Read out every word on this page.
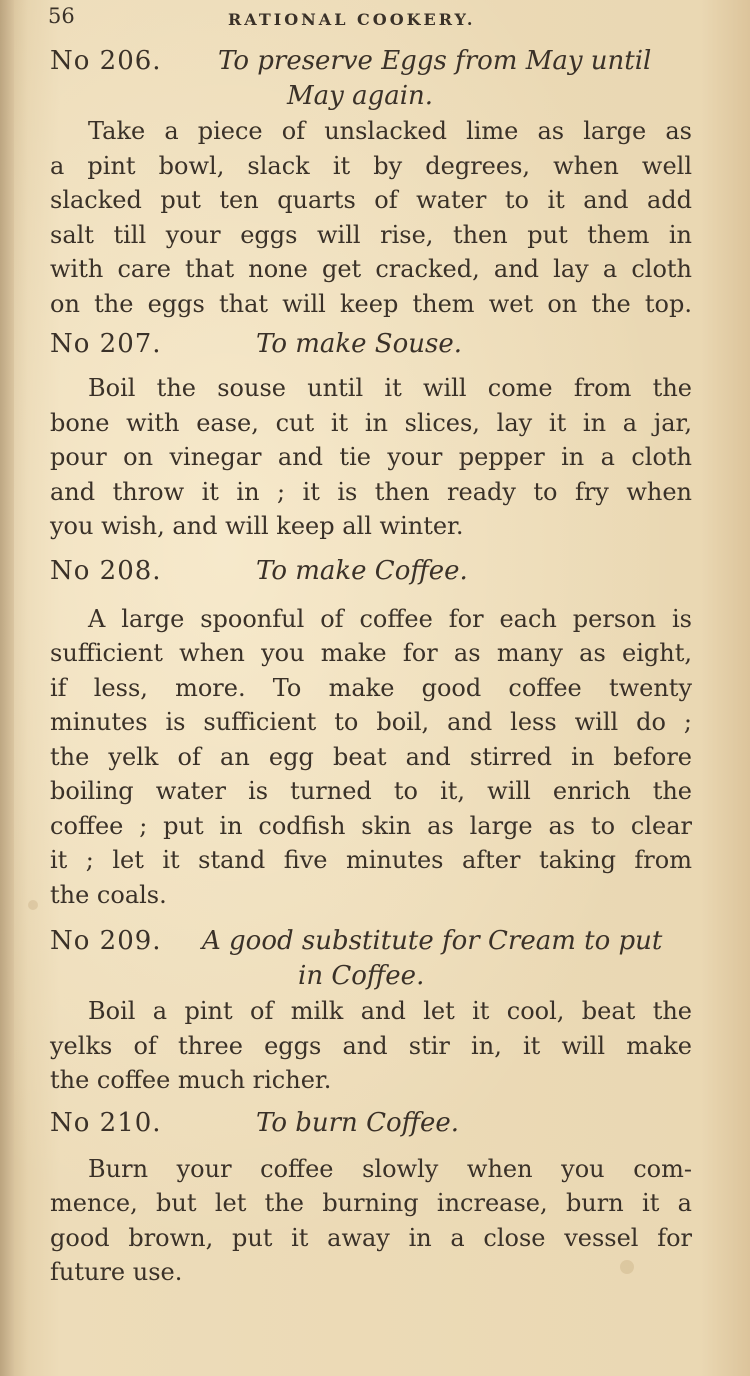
56	RATIONAL COOKERY.
No 206. To preserve Eggs from May until
May again.

Take a piece of unslacked lime as large as
a pint bowl, slack it by degrees, when well
slacked put ten quarts of water to it and add
salt till your eggs will rise, then put them in
with care that none get cracked, and lay a cloth
on the eggs that will keep them wet on the top.

No 207.	To make Souse.

Boil the souse until it will come from the
bone with ease, cut it in slices, lay it in a jar,
pour on vinegar and tie your pepper in a cloth
and throw it in ; it is then ready to fry when
you wish, and will keep all winter.

No 208.	To make Coffee.

A large spoonful of coffee for each person is
sufficient when you make for as many as eight,
if less, more. To make good coffee twenty
minutes is sufficient to boil, and less will do ;
the yelk of an egg beat and stirred in before
boiling water is turned to it, will enrich the
coffee ; put in codfish skin as large as to clear
it ; let it stand five minutes after taking from
the coals.

No 209. A good substitute for Cream to put
in Coffee.

Boil a pint of milk and let it cool, beat the
yelks of three eggs and stir in, it will make
the coffee much richer.

No 210.	To burn Coffee.

Burn your coffee slowly when you com-
mence, but let the burning increase, burn it a
good brown, put it away in a close vessel for
future use.
